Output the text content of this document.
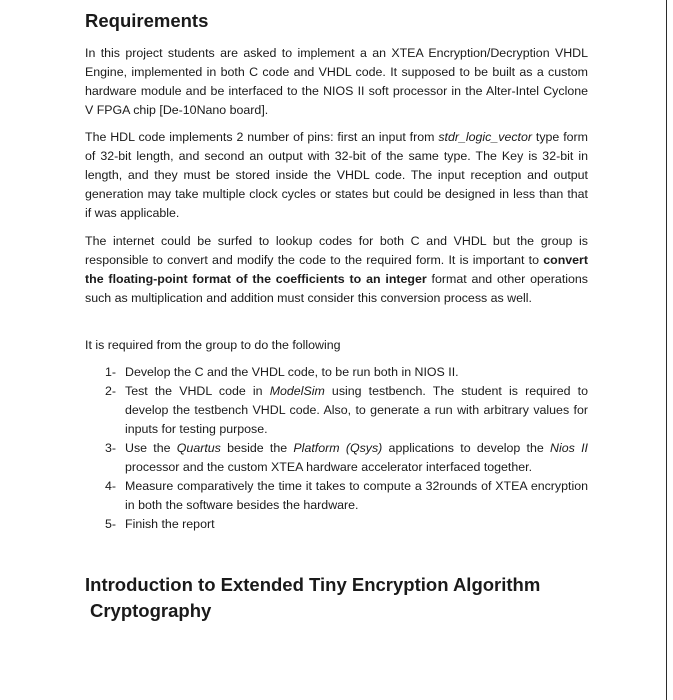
Requirements

In this project students are asked to implement a an XTEA Encryption/Decryption VHDL Engine, implemented in both C code and VHDL code. It supposed to be built as a custom hardware module and be interfaced to the NIOS II soft processor in the Alter-Intel Cyclone V FPGA chip [De-10Nano board].

The HDL code implements 2 number of pins: first an input from stdr_logic_vector type form of 32-bit length, and second an output with 32-bit of the same type. The Key is 32-bit in length, and they must be stored inside the VHDL code. The input reception and output generation may take multiple clock cycles or states but could be designed in less than that if was applicable.

The internet could be surfed to lookup codes for both C and VHDL but the group is responsible to convert and modify the code to the required form. It is important to convert the floating-point format of the coefficients to an integer format and other operations such as multiplication and addition must consider this conversion process as well.

It is required from the group to do the following

1- Develop the C and the VHDL code, to be run both in NIOS II.
2- Test the VHDL code in ModelSim using testbench. The student is required to develop the testbench VHDL code. Also, to generate a run with arbitrary values for inputs for testing purpose.
3- Use the Quartus beside the Platform (Qsys) applications to develop the Nios II processor and the custom XTEA hardware accelerator interfaced together.
4- Measure comparatively the time it takes to compute a 32rounds of XTEA encryption in both the software besides the hardware.
5- Finish the report
Introduction to Extended Tiny Encryption Algorithm
Cryptography
